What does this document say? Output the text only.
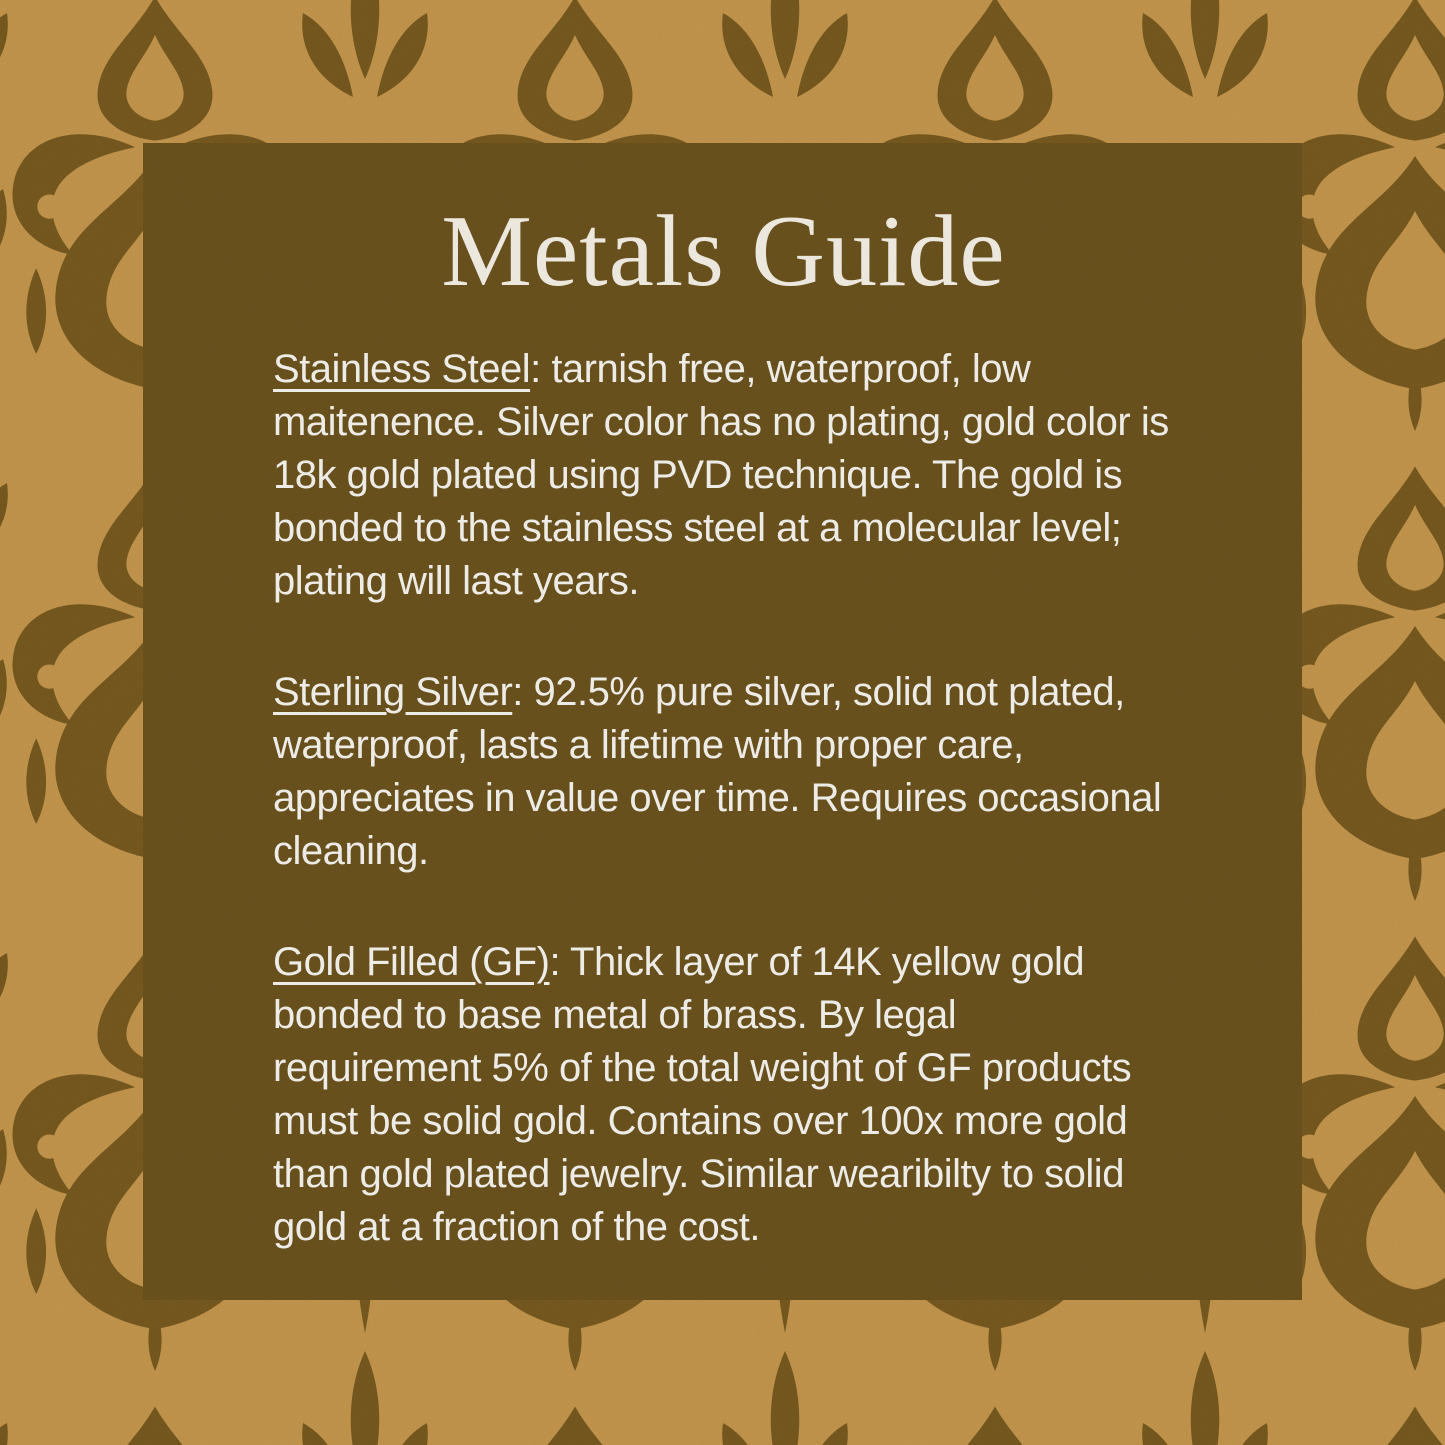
Metals Guide

Stainless Steel: tarnish free, waterproof, low maitenence. Silver color has no plating, gold color is 18k gold plated using PVD technique. The gold is bonded to the stainless steel at a molecular level; plating will last years.

Sterling Silver: 92.5% pure silver, solid not plated, waterproof, lasts a lifetime with proper care, appreciates in value over time. Requires occasional cleaning.

Gold Filled (GF): Thick layer of 14K yellow gold bonded to base metal of brass. By legal requirement 5% of the total weight of GF products must be solid gold. Contains over 100x more gold than gold plated jewelry. Similar wearibilty to solid gold at a fraction of the cost.
